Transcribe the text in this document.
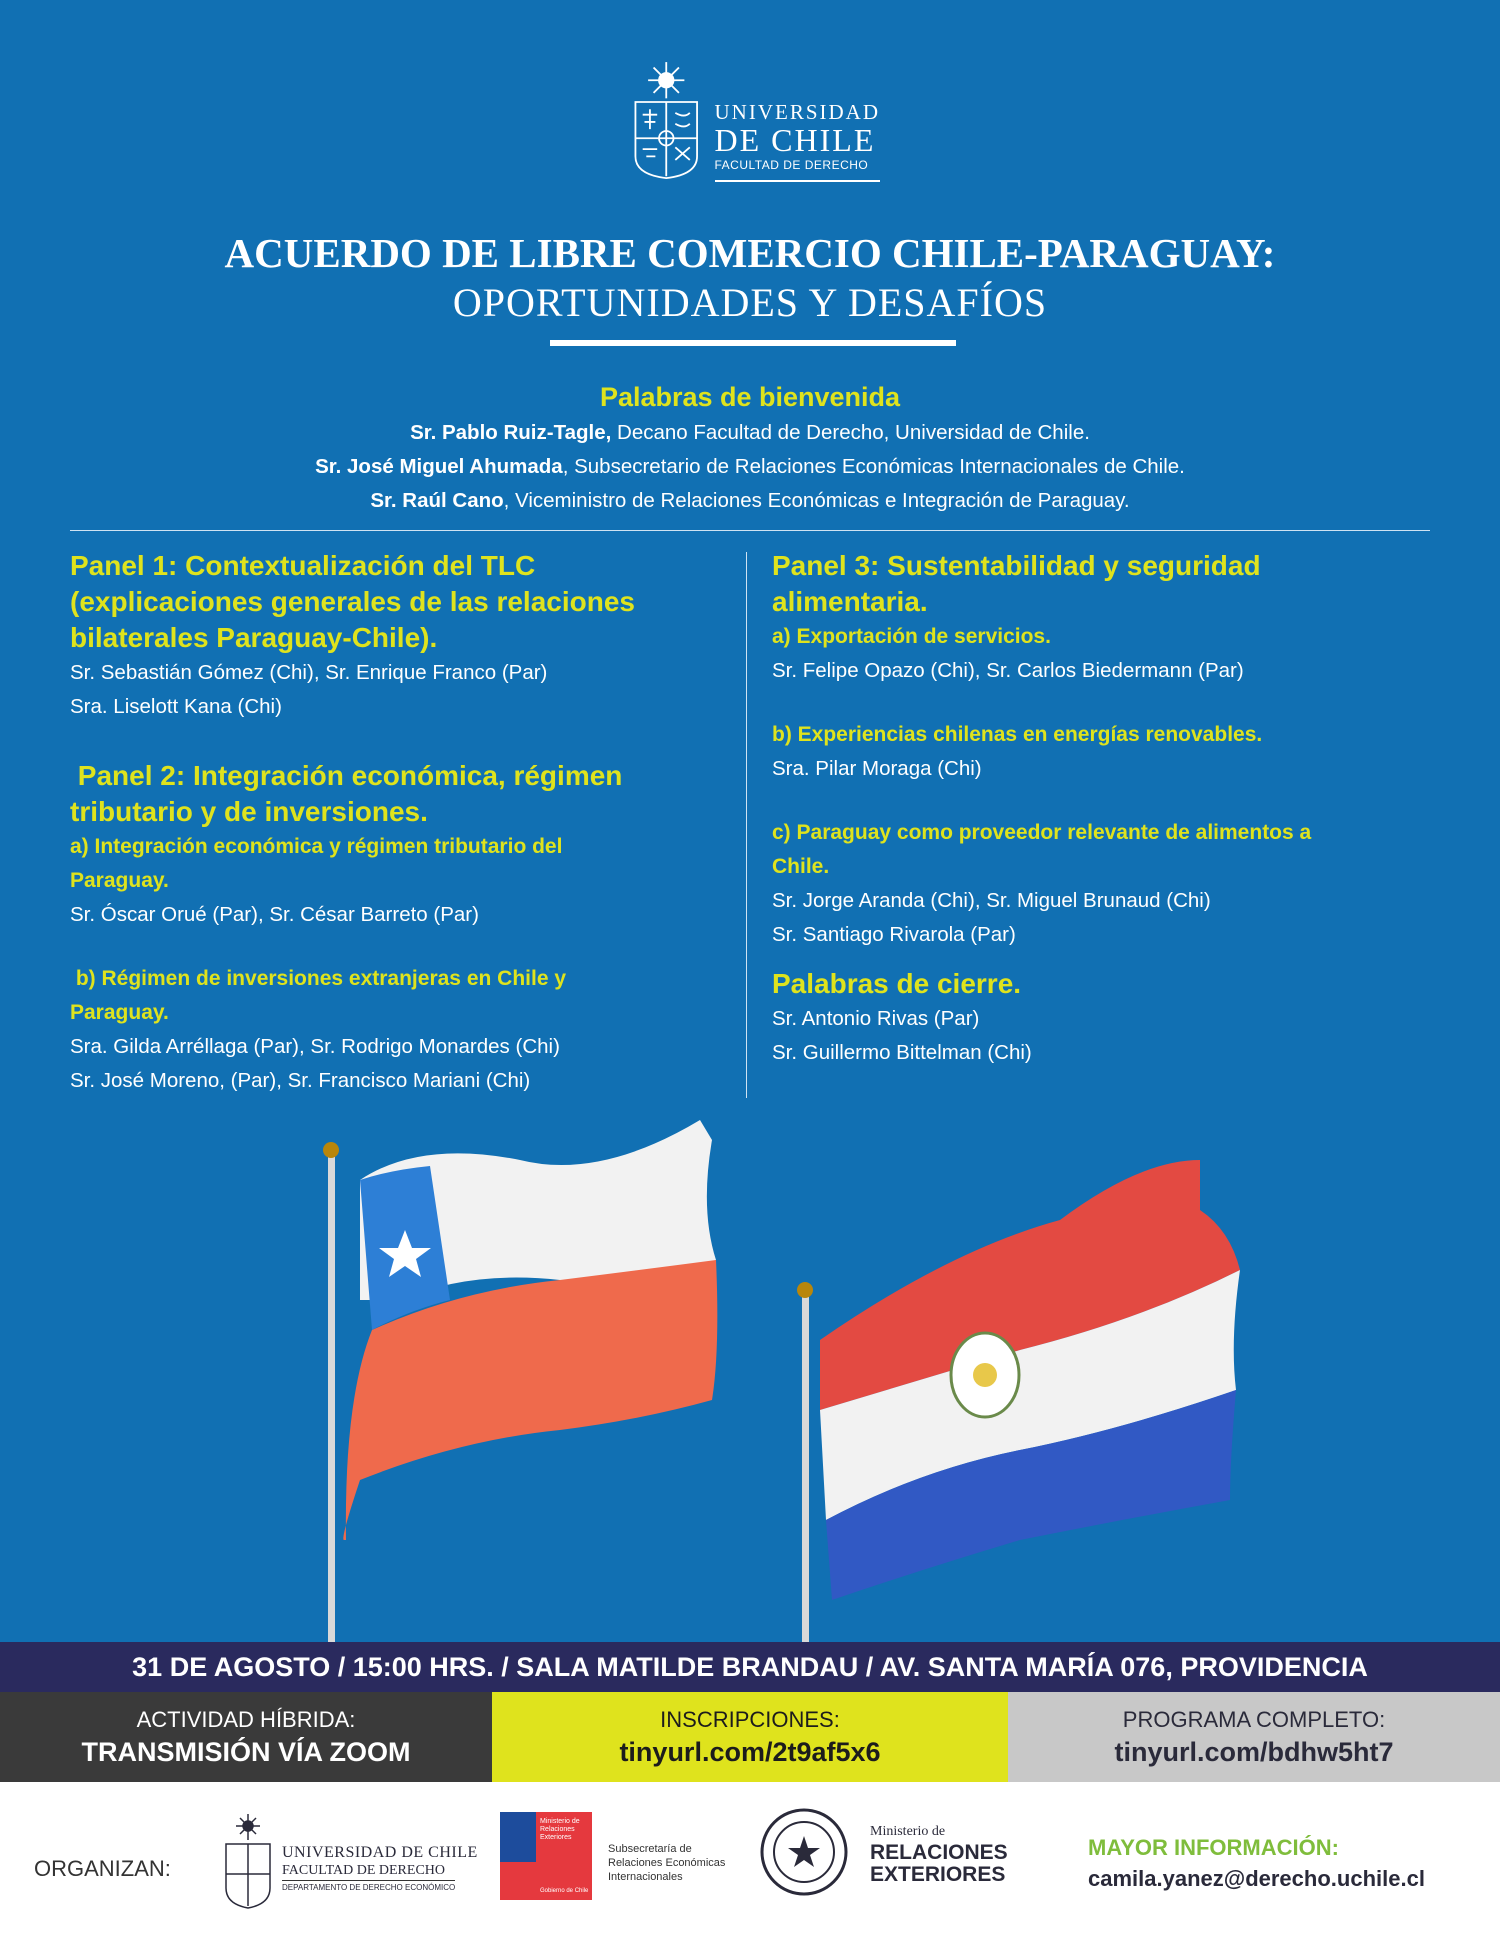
UNIVERSIDAD
DE CHILE
FACULTAD DE DERECHO
ACUERDO DE LIBRE COMERCIO CHILE-PARAGUAY:
OPORTUNIDADES Y DESAFÍOS
Palabras de bienvenida
Sr. Pablo Ruiz-Tagle, Decano Facultad de Derecho, Universidad de Chile.
Sr. José Miguel Ahumada, Subsecretario de Relaciones Económicas Internacionales de Chile.
Sr. Raúl Cano, Viceministro de Relaciones Económicas e Integración de Paraguay.
Panel 1: Contextualización del TLC
(explicaciones generales de las relaciones
bilaterales Paraguay-Chile).
Sr. Sebastián Gómez (Chi), Sr. Enrique Franco (Par)
Sra. Liselott Kana (Chi)
Panel 2: Integración económica, régimen
tributario y de inversiones.
a) Integración económica y régimen tributario del
Paraguay.
Sr. Óscar Orué (Par), Sr. César Barreto (Par)
b) Régimen de inversiones extranjeras en Chile y
Paraguay.
Sra. Gilda Arréllaga (Par), Sr. Rodrigo Monardes (Chi)
Sr. José Moreno, (Par), Sr. Francisco Mariani (Chi)
Panel 3: Sustentabilidad y seguridad
alimentaria.
a) Exportación de servicios.
Sr. Felipe Opazo (Chi), Sr. Carlos Biedermann (Par)
b) Experiencias chilenas en energías renovables.
Sra. Pilar Moraga (Chi)
c) Paraguay como proveedor relevante de alimentos a
Chile.
Sr. Jorge Aranda (Chi), Sr. Miguel Brunaud (Chi)
Sr. Santiago Rivarola (Par)
Palabras de cierre.
Sr. Antonio Rivas (Par)
Sr. Guillermo Bittelman (Chi)
31 DE AGOSTO / 15:00 HRS. / SALA MATILDE BRANDAU / AV. SANTA MARÍA 076, PROVIDENCIA
ACTIVIDAD HÍBRIDA:
TRANSMISIÓN VÍA ZOOM
INSCRIPCIONES:
tinyurl.com/2t9af5x6
PROGRAMA COMPLETO:
tinyurl.com/bdhw5ht7
ORGANIZAN:
UNIVERSIDAD DE CHILE
FACULTAD DE DERECHO
DEPARTAMENTO DE DERECHO ECONÓMICO
Ministerio de Relaciones Exteriores
Gobierno de Chile
Subsecretaría de
Relaciones Económicas
Internacionales
Ministerio de
RELACIONES
EXTERIORES
MAYOR INFORMACIÓN:
camila.yanez@derecho.uchile.cl
